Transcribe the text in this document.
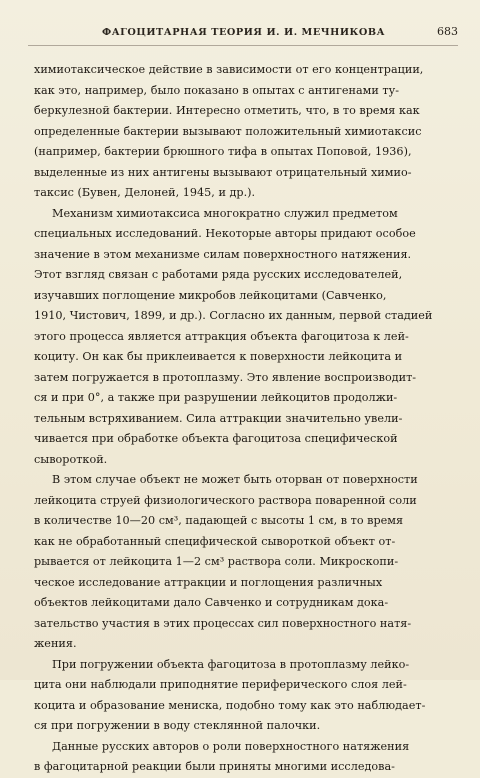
ФАГОЦИТАРНАЯ ТЕОРИЯ И. И. МЕЧНИКОВА	683

химиотаксическое действие в зависимости от его концентрации,
как это, например, было показано в опытах с антигенами ту-
беркулезной бактерии. Интересно отметить, что, в то время как
определенные бактерии вызывают положительный химиотаксис
(например, бактерии брюшного тифа в опытах Поповой, 1936),
выделенные из них антигены вызывают отрицательный химио-
таксис (Бувен, Делоней, 1945, и др.).

Механизм химиотаксиса многократно служил предметом
специальных исследований. Некоторые авторы придают особое
значение в этом механизме силам поверхностного натяжения.
Этот взгляд связан с работами ряда русских исследователей,
изучавших поглощение микробов лейкоцитами (Савченко,
1910, Чистович, 1899, и др.). Согласно их данным, первой стадией
этого процесса является аттракция объекта фагоцитоза к лей-
коциту. Он как бы приклеивается к поверхности лейкоцита и
затем погружается в протоплазму. Это явление воспроизводит-
ся и при 0°, а также при разрушении лейкоцитов продолжи-
тельным встряхиванием. Сила аттракции значительно увели-
чивается при обработке объекта фагоцитоза специфической
сывороткой.

В этом случае объект не может быть оторван от поверхности
лейкоцита струей физиологического раствора поваренной соли
в количестве 10—20 см³, падающей с высоты 1 см, в то время
как не обработанный специфической сывороткой объект от-
рывается от лейкоцита 1—2 см³ раствора соли. Микроскопи-
ческое исследование аттракции и поглощения различных
объектов лейкоцитами дало Савченко и сотрудникам дока-
зательство участия в этих процессах сил поверхностного натя-
жения.

При погружении объекта фагоцитоза в протоплазму лейко-
цита они наблюдали приподнятие периферического слоя лей-
коцита и образование мениска, подобно тому как это наблюдает-
ся при погружении в воду стеклянной палочки.

Данные русских авторов о роли поверхностного натяжения
в фагоцитарной реакции были приняты многими исследова-
